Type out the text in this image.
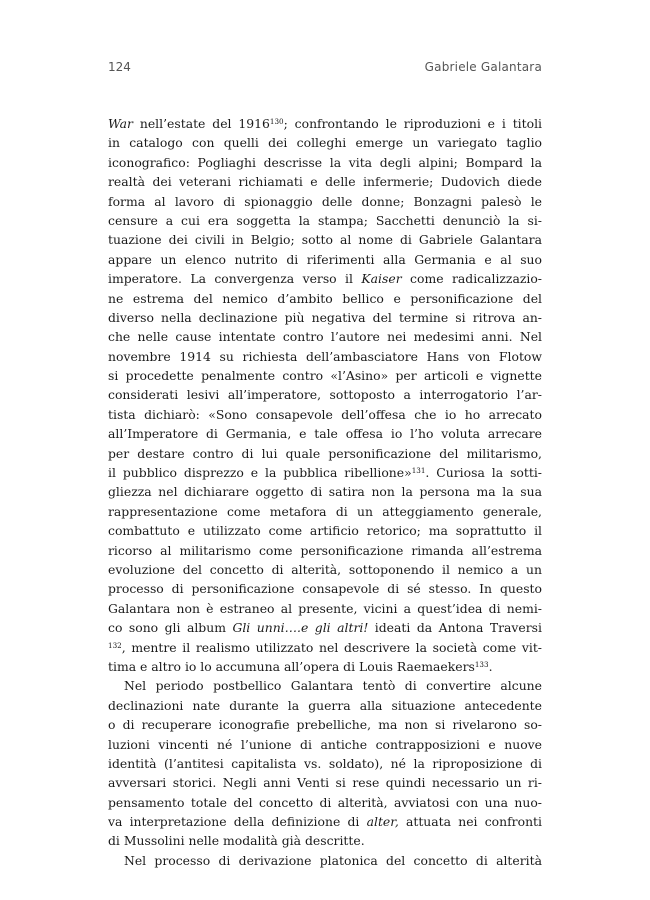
124	Gabriele Galantara
War nell’estate del 1916$^{130}$; confrontando le riproduzioni e i titoli
in catalogo con quelli dei colleghi emerge un variegato taglio
iconografico: Pogliaghi descrisse la vita degli alpini; Bompard la
realtà dei veterani richiamati e delle infermerie; Dudovich diede
forma al lavoro di spionaggio delle donne; Bonzagni palesò le
censure a cui era soggetta la stampa; Sacchetti denunciò la si-
tuazione dei civili in Belgio; sotto al nome di Gabriele Galantara
appare un elenco nutrito di riferimenti alla Germania e al suo
imperatore. La convergenza verso il Kaiser come radicalizzazio-
ne estrema del nemico d’ambito bellico e personificazione del
diverso nella declinazione più negativa del termine si ritrova an-
che nelle cause intentate contro l’autore nei medesimi anni. Nel
novembre 1914 su richiesta dell’ambasciatore Hans von Flotow
si procedette penalmente contro «l’Asino» per articoli e vignette
considerati lesivi all’imperatore, sottoposto a interrogatorio l’ar-
tista dichiarò: «Sono consapevole dell’offesa che io ho arrecato
all’Imperatore di Germania, e tale offesa io l’ho voluta arrecare
per destare contro di lui quale personificazione del militarismo,
il pubblico disprezzo e la pubblica ribellione»$^{131}$. Curiosa la sotti-
gliezza nel dichiarare oggetto di satira non la persona ma la sua
rappresentazione come metafora di un atteggiamento generale,
combattuto e utilizzato come artificio retorico; ma soprattutto il
ricorso al militarismo come personificazione rimanda all’estrema
evoluzione del concetto di alterità, sottoponendo il nemico a un
processo di personificazione consapevole di sé stesso. In questo
Galantara non è estraneo al presente, vicini a quest’idea di nemi-
co sono gli album Gli unni….e gli altri! ideati da Antona Traversi
$^{132}$, mentre il realismo utilizzato nel descrivere la società come vit-
tima e altro io lo accumuna all’opera di Louis Raemaekers$^{133}$.
Nel periodo postbellico Galantara tentò di convertire alcune
declinazioni nate durante la guerra alla situazione antecedente
o di recuperare iconografie prebelliche, ma non si rivelarono so-
luzioni vincenti né l’unione di antiche contrapposizioni e nuove
identità (l’antitesi capitalista vs. soldato), né la riproposizione di
avversari storici. Negli anni Venti si rese quindi necessario un ri-
pensamento totale del concetto di alterità, avviatosi con una nuo-
va interpretazione della definizione di alter, attuata nei confronti
di Mussolini nelle modalità già descritte.
Nel processo di derivazione platonica del concetto di alterità
